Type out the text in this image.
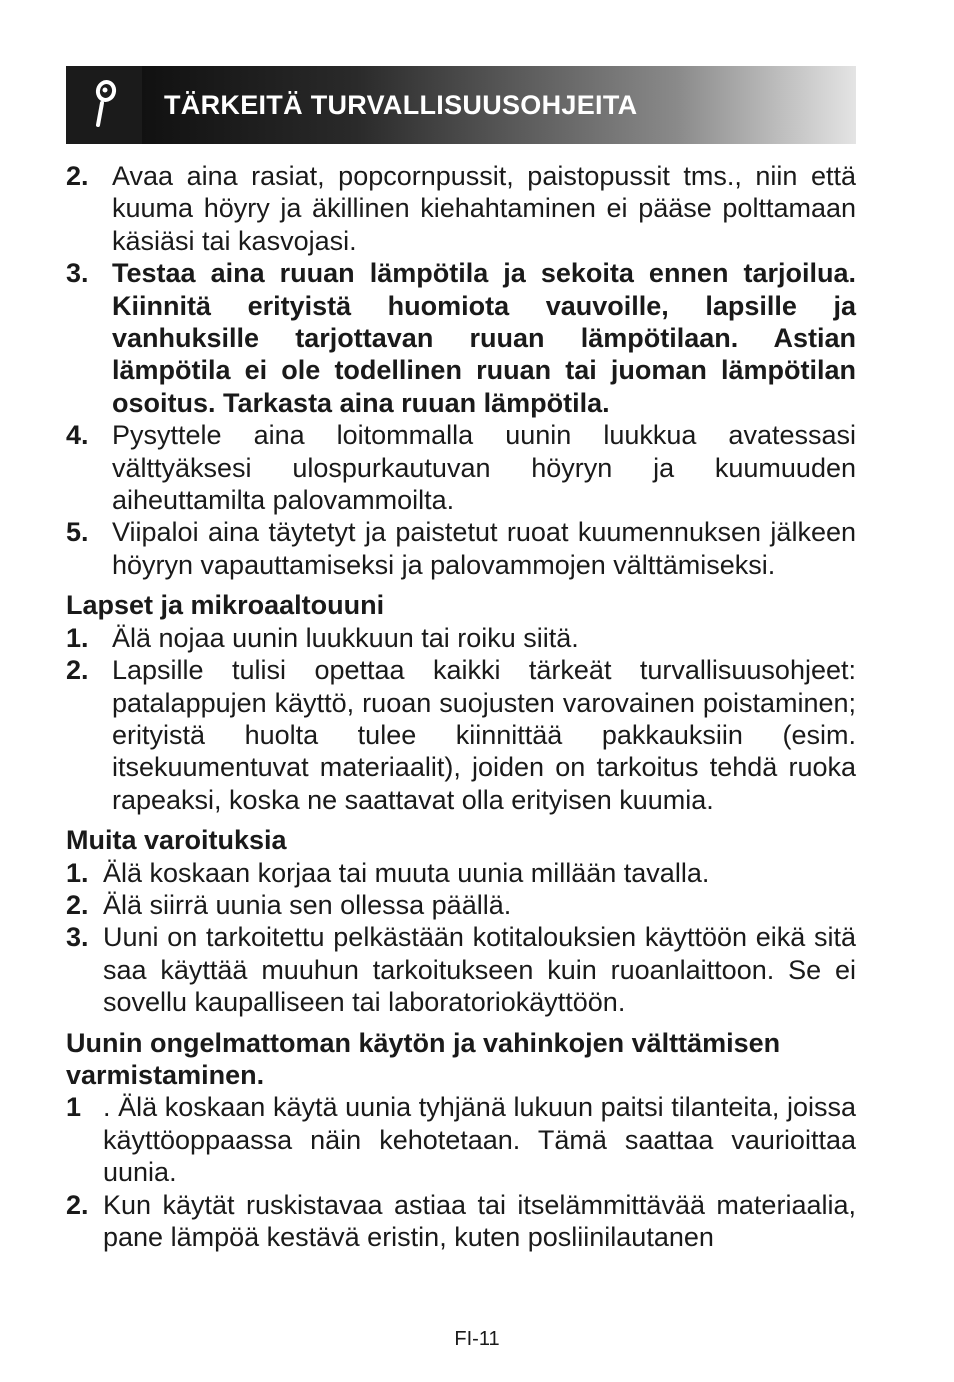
TÄRKEITÄ TURVALLISUUSOHJEITA
2. Avaa aina rasiat, popcornpussit, paistopussit tms., niin että kuuma höyry ja äkillinen kiehahtaminen ei pääse polttamaan käsiäsi tai kasvojasi.
3. Testaa aina ruuan lämpötila ja sekoita ennen tarjoilua. Kiinnitä erityistä huomiota vauvoille, lapsille ja vanhuksille tarjottavan ruuan lämpötilaan. Astian lämpötila ei ole todellinen ruuan tai juoman lämpötilan osoitus. Tarkasta aina ruuan lämpötila.
4. Pysyttele aina loitommalla uunin luukkua avatessasi välttyäksesi ulospurkautuvan höyryn ja kuumuuden aiheuttamilta palovammoilta.
5. Viipaloi aina täytetyt ja paistetut ruoat kuumennuksen jälkeen höyryn vapauttamiseksi ja palovammojen välttämiseksi.
Lapset ja mikroaaltouuni
1. Älä nojaa uunin luukkuun tai roiku siitä.
2. Lapsille tulisi opettaa kaikki tärkeät turvallisuusohjeet: patalappujen käyttö, ruoan suojusten varovainen poistaminen; erityistä huolta tulee kiinnittää pakkauksiin (esim. itsekuumentuvat materiaalit), joiden on tarkoitus tehdä ruoka rapeaksi, koska ne saattavat olla erityisen kuumia.
Muita varoituksia
1. Älä koskaan korjaa tai muuta uunia millään tavalla.
2. Älä siirrä uunia sen ollessa päällä.
3. Uuni on tarkoitettu pelkästään kotitalouksien käyttöön eikä sitä saa käyttää muuhun tarkoitukseen kuin ruoanlaittoon. Se ei sovellu kaupalliseen tai laboratoriokäyttöön.
Uunin ongelmattoman käytön ja vahinkojen välttämisen varmistaminen.
1 . Älä koskaan käytä uunia tyhjänä lukuun paitsi tilanteita, joissa käyttöoppaassa näin kehotetaan. Tämä saattaa vaurioittaa uunia.
2. Kun käytät ruskistavaa astiaa tai itselämmittävää materiaalia, pane lämpöä kestävä eristin, kuten posliinilautanen
FI-11
